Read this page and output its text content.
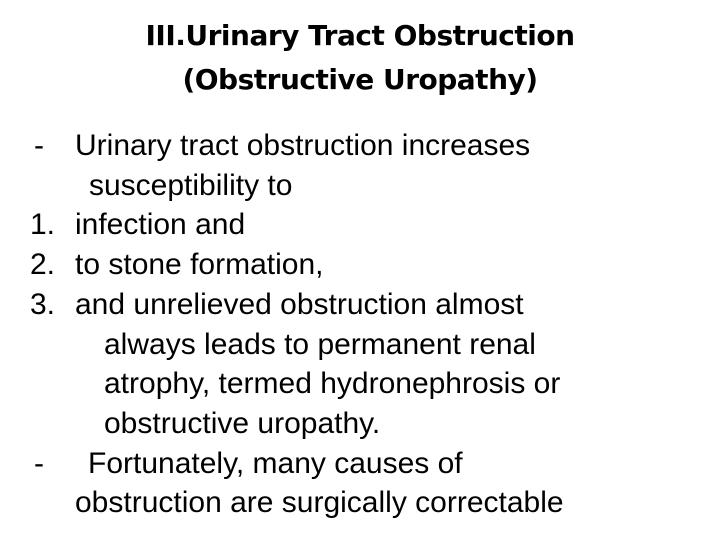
III.Urinary Tract Obstruction
(Obstructive Uropathy)
- Urinary tract obstruction increases
susceptibility to
1. infection and
2. to stone formation,
3. and unrelieved obstruction almost
always leads to permanent renal
atrophy, termed hydronephrosis or
obstructive uropathy.
- Fortunately, many causes of
obstruction are surgically correctable
